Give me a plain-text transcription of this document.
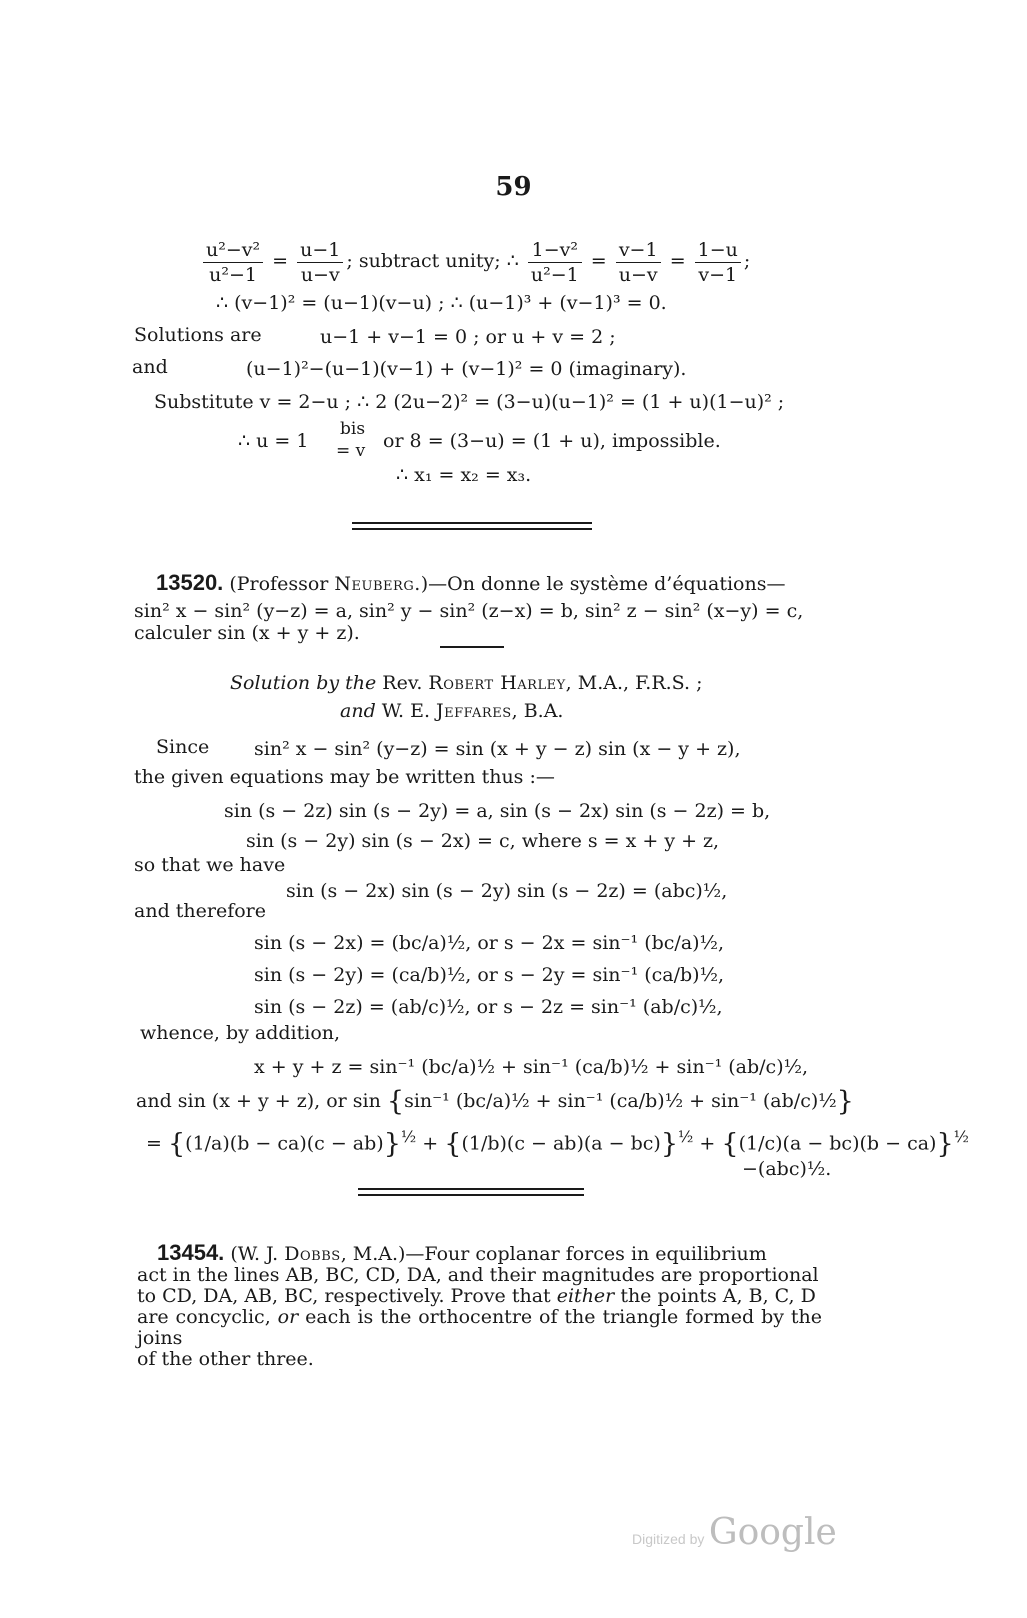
59
$\frac{\text{u²−v²}}{\text{u²−1}} = \frac{u-1}{u-v}$ ; subtract unity; ∴ $\frac{\text{1−v²}}{\text{u²−1}} = \frac{v-1}{u-v} = \frac{1-u}{v-1}$ ;
∴ (v−1)² = (u−1)(v−u) ; ∴ (u−1)³ + (v−1)³ = 0.
Solutions are	u−1 + v−1 = 0 ; or u + v = 2 ;
and	(u−1)²−(u−1)(v−1) + (v−1)² = 0 (imaginary).
Substitute v = 2−u ; ∴ 2 (2u−2)² = (3−u)(u−1)² = (1 + u)(1−u)² ;
∴ u = 1
bis
= v or 8 = (3−u) = (1 + u), impossible.
∴ x₁ = x₂ = x₃.
13520. (Professor Neuberg.)—On donne le système d’équations—
sin² x − sin² (y−z) = a, sin² y − sin² (z−x) = b, sin² z − sin² (x−y) = c,
calculer sin (x + y + z).
Solution by the Rev. Robert Harley, M.A., F.R.S. ;
and W. E. Jeffares, B.A.
Since sin² x − sin² (y−z) = sin (x + y − z) sin (x − y + z),
the given equations may be written thus :—
sin (s − 2z) sin (s − 2y) = a, sin (s − 2x) sin (s − 2z) = b,
sin (s − 2y) sin (s − 2x) = c, where s = x + y + z,
so that we have
sin (s − 2x) sin (s − 2y) sin (s − 2z) = (abc)½,
and therefore
sin (s − 2x) = (bc/a)½, or s − 2x = sin⁻¹ (bc/a)½,
sin (s − 2y) = (ca/b)½, or s − 2y = sin⁻¹ (ca/b)½,
sin (s − 2z) = (ab/c)½, or s − 2z = sin⁻¹ (ab/c)½,
whence, by addition,
x + y + z = sin⁻¹ (bc/a)½ + sin⁻¹ (ca/b)½ + sin⁻¹ (ab/c)½,
and sin (x + y + z), or sin {sin⁻¹ (bc/a)½ + sin⁻¹ (ca/b)½ + sin⁻¹ (ab/c)½}
= $\{(1/a)(b - ca)(c - ab)\}^{\frac{1}{2}} + \{(1/b)(c - ab)(a - bc)\}^{\frac{1}{2}} + \{(1/c)(a - bc)(b - ca)\}^{\frac{1}{2}}$
−(abc)½.
13454. (W. J. Dobbs, M.A.)—Four coplanar forces in equilibrium
act in the lines AB, BC, CD, DA, and their magnitudes are proportional
to CD, DA, AB, BC, respectively. Prove that either the points A, B, C, D
are concyclic, or each is the orthocentre of the triangle formed by the joins
of the other three.
Digitized by Google
